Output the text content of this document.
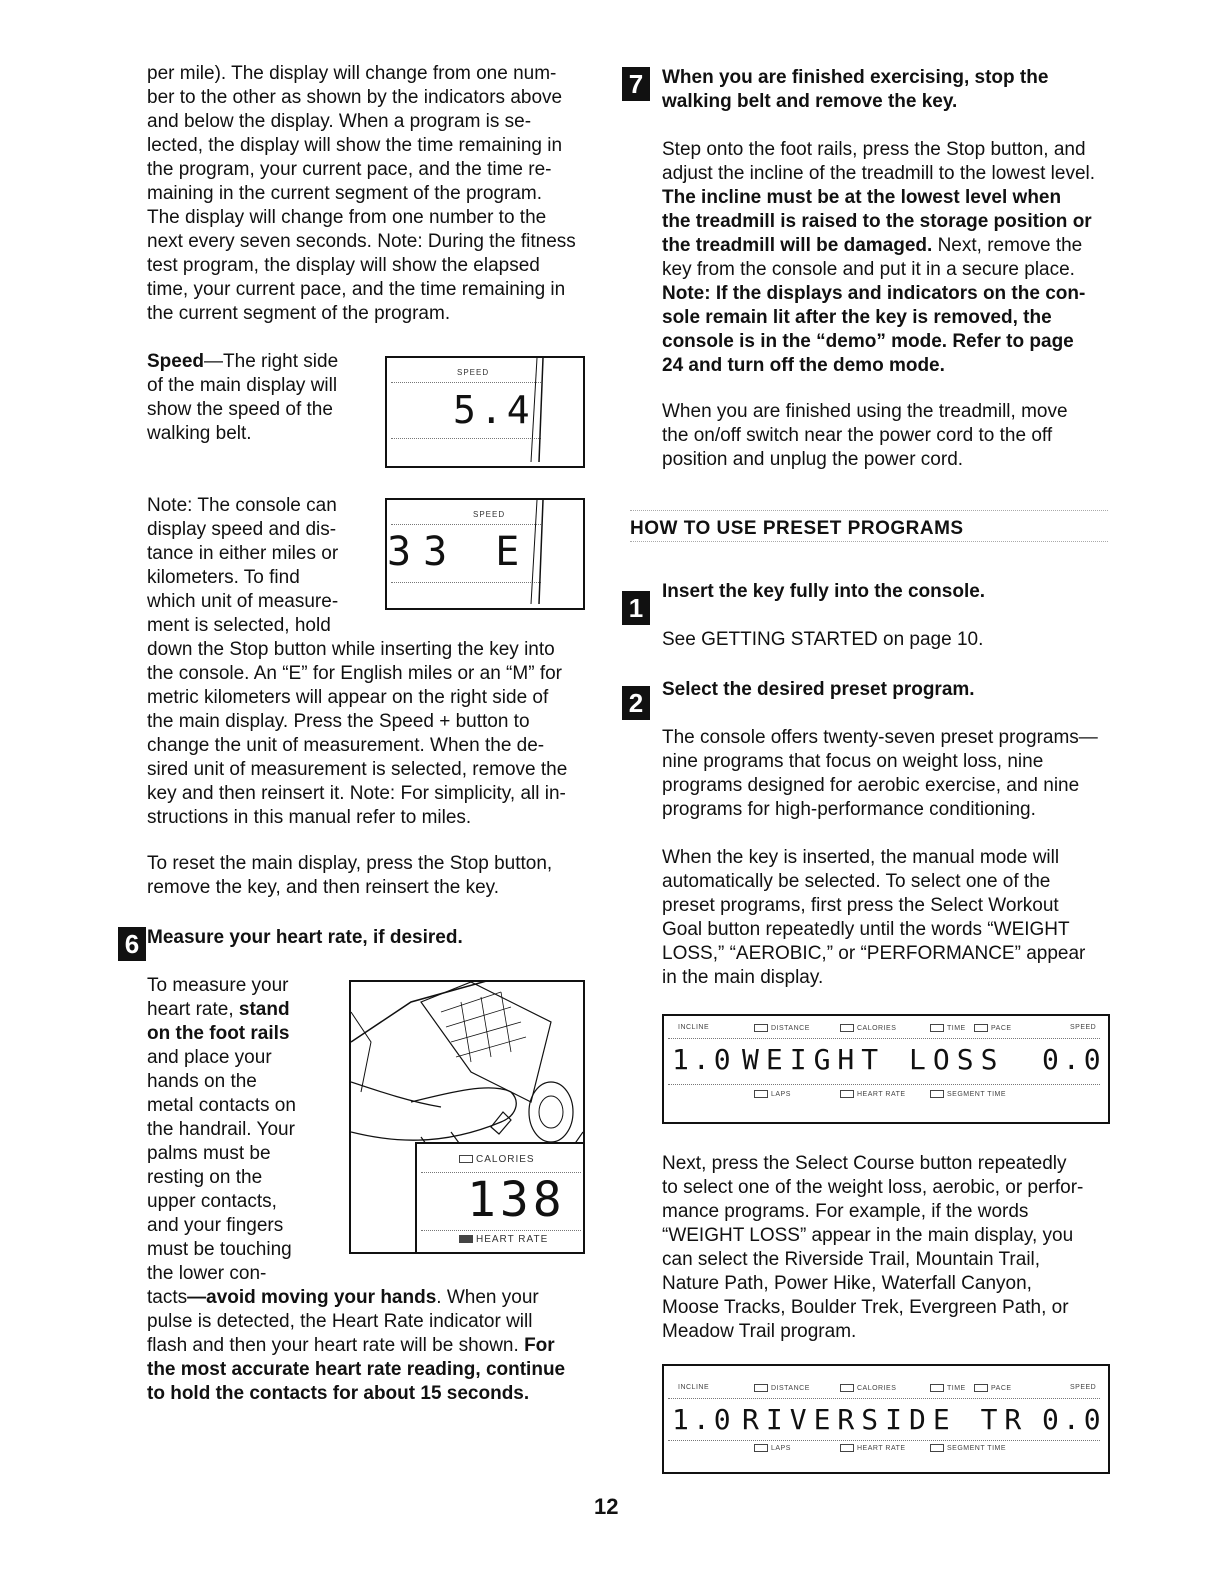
per mile). The display will change from one num-

ber to the other as shown by the indicators above

and below the display. When a program is se-

lected, the display will show the time remaining in

the program, your current pace, and the time re-

maining in the current segment of the program.

The display will change from one number to the

next every seven seconds. Note: During the fitness

test program, the display will show the elapsed

time, your current pace, and the time remaining in

the current segment of the program.

Speed—The right side

of the main display will

show the speed of the

walking belt.

Note: The console can

display speed and dis-

tance in either miles or

kilometers. To find

which unit of measure-

ment is selected, hold

down the Stop button while inserting the key into

the console. An “E” for English miles or an “M” for

metric kilometers will appear on the right side of

the main display. Press the Speed + button to

change the unit of measurement. When the de-

sired unit of measurement is selected, remove the

key and then reinsert it. Note: For simplicity, all in-

structions in this manual refer to miles.

To reset the main display, press the Stop button,

remove the key, and then reinsert the key.

To measure your

heart rate, stand

on the foot rails

and place your

hands on the

metal contacts on

the handrail. Your

palms must be

resting on the

upper contacts,

and your fingers

must be touching

the lower con-

tacts—avoid moving your hands. When your

pulse is detected, the Heart Rate indicator will

flash and then your heart rate will be shown. For

the most accurate heart rate reading, continue

to hold the contacts for about 15 seconds.

SPEED
5.4
SPEED
33 E
6 Measure your heart rate, if desired.
CALORIES
138
HEART RATE
7 When you are finished exercising, stop the

walking belt and remove the key.

Step onto the foot rails, press the Stop button, and

adjust the incline of the treadmill to the lowest level.

The incline must be at the lowest level when

the treadmill is raised to the storage position or

the treadmill will be damaged. Next, remove the

key from the console and put it in a secure place.

Note: If the displays and indicators on the con-

sole remain lit after the key is removed, the

console is in the “demo” mode. Refer to page

24 and turn off the demo mode.

When you are finished using the treadmill, move

the on/off switch near the power cord to the off

position and unplug the power cord.

HOW TO USE PRESET PROGRAMS
1
Insert the key fully into the console.
See GETTING STARTED on page 10.
2 Select the desired preset program.

The console offers twenty-seven preset programs—

nine programs that focus on weight loss, nine

programs designed for aerobic exercise, and nine

programs for high-performance conditioning.

When the key is inserted, the manual mode will

automatically be selected. To select one of the

preset programs, first press the Select Workout

Goal button repeatedly until the words “WEIGHT

LOSS,” “AEROBIC,” or “PERFORMANCE” appear

in the main display.

INCLINE	DISTANCE	CALORIES	TIME	PACE	SPEED
1.0 WEIGHT LOSS 0.0
LAPS	HEART RATE	SEGMENT TIME

Next, press the Select Course button repeatedly

to select one of the weight loss, aerobic, or perfor-

mance programs. For example, if the words

“WEIGHT LOSS” appear in the main display, you

can select the Riverside Trail, Mountain Trail,

Nature Path, Power Hike, Waterfall Canyon,

Moose Tracks, Boulder Trek, Evergreen Path, or

Meadow Trail program.

INCLINE	DISTANCE	CALORIES	TIME	PACE	SPEED
1.0 RIVERSIDE TR 0.0
LAPS	HEART RATE	SEGMENT TIME
12
